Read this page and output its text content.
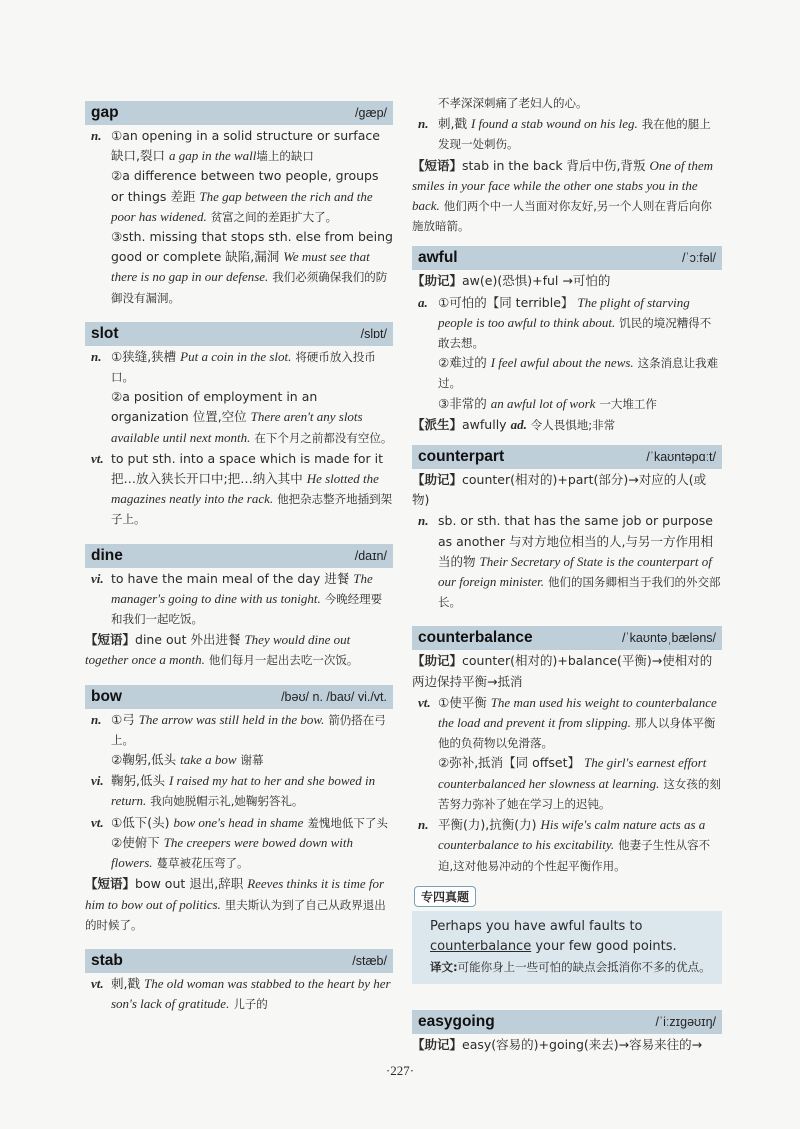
gap	/gæp/
n. ①an opening in a solid structure or surface 缺口,裂口 a gap in the wall墙上的缺口
②a difference between two people, groups or things 差距 The gap between the rich and the poor has widened. 贫富之间的差距扩大了。
③sth. missing that stops sth. else from being good or complete 缺陷,漏洞 We must see that there is no gap in our defense. 我们必须确保我们的防御没有漏洞。
slot	/slɒt/
n. ①狭缝,狭槽 Put a coin in the slot. 将硬币放入投币口。
②a position of employment in an organization 位置,空位 There aren't any slots available until next month. 在下个月之前都没有空位。
vt. to put sth. into a space which is made for it 把…放入狭长开口中;把…纳入其中 He slotted the magazines neatly into the rack. 他把杂志整齐地插到架子上。
dine	/daɪn/
vi. to have the main meal of the day 进餐 The manager's going to dine with us tonight. 今晚经理要和我们一起吃饭。
【短语】dine out 外出进餐 They would dine out together once a month. 他们每月一起出去吃一次饭。
bow	/bəʊ/ n. /baʊ/ vi./vt.
n. ①弓 The arrow was still held in the bow. 箭仍搭在弓上。
②鞠躬,低头 take a bow 谢幕
vi. 鞠躬,低头 I raised my hat to her and she bowed in return. 我向她脱帽示礼,她鞠躬答礼。
vt. ①低下(头) bow one's head in shame 羞愧地低下了头
②使俯下 The creepers were bowed down with flowers. 蔓草被花压弯了。
【短语】bow out 退出,辞职 Reeves thinks it is time for him to bow out of politics. 里夫斯认为到了自己从政界退出的时候了。
stab	/stæb/
vt. 刺,戳 The old woman was stabbed to the heart by her son's lack of gratitude. 儿子的
不孝深深刺痛了老妇人的心。
n. 刺,戳 I found a stab wound on his leg. 我在他的腿上发现一处刺伤。
【短语】stab in the back 背后中伤,背叛 One of them smiles in your face while the other one stabs you in the back. 他们两个中一人当面对你友好,另一个人则在背后向你施放暗箭。
awful	/ˈɔːfəl/
【助记】aw(e)(恐惧)+ful →可怕的
a. ①可怕的【同 terrible】 The plight of starving people is too awful to think about. 饥民的境况糟得不敢去想。
②难过的 I feel awful about the news. 这条消息让我难过。
③非常的 an awful lot of work 一大堆工作
【派生】awfully ad. 令人畏惧地;非常
counterpart	/ˈkaʊntəpɑːt/
【助记】counter(相对的)+part(部分)→对应的人(或物)
n. sb. or sth. that has the same job or purpose as another 与对方地位相当的人,与另一方作用相当的物 Their Secretary of State is the counterpart of our foreign minister. 他们的国务卿相当于我们的外交部长。
counterbalance	/ˈkaʊntəˌbæləns/
【助记】counter(相对的)+balance(平衡)→使相对的两边保持平衡→抵消
vt. ①使平衡 The man used his weight to counterbalance the load and prevent it from slipping. 那人以身体平衡他的负荷物以免滑落。
②弥补,抵消【同 offset】 The girl's earnest effort counterbalanced her slowness at learning. 这女孩的刻苦努力弥补了她在学习上的迟钝。
n. 平衡(力),抗衡(力) His wife's calm nature acts as a counterbalance to his excitability. 他妻子生性从容不迫,这对他易冲动的个性起平衡作用。
专四真题
Perhaps you have awful faults to counterbalance your few good points.
译文:可能你身上一些可怕的缺点会抵消你不多的优点。
easygoing	/ˈiːzɪɡəʊɪŋ/
【助记】easy(容易的)+going(来去)→容易来往的→
·227·
